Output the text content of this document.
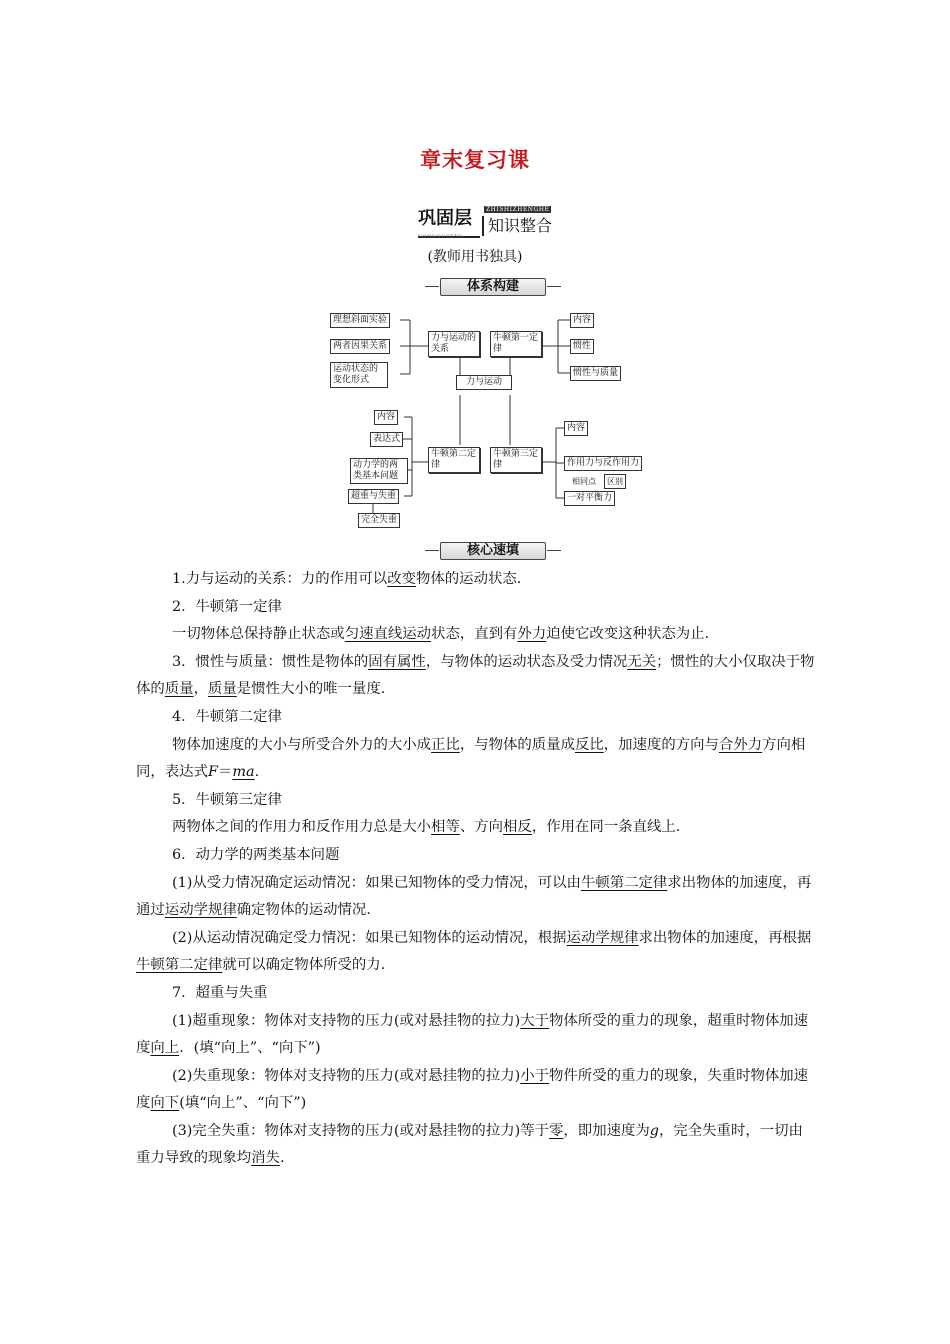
章末复习课
巩固层	ZHISHIZHENGHE
知识整合
GONGGUCENG
(教师用书独具)
体系构建
理想斜面实验
两者因果关系
运动状态的变化形式
力与运动的关系
牛顿第一定律
力与运动
内容
惯性
惯性与质量
牛顿第二定律
牛顿第三定律
内容
表达式
动力学的两类基本问题
超重与失重
完全失重
内容
作用力与反作用力
相同点	区别
一对平衡力
核心速填

1.力与运动的关系：力的作用可以改变物体的运动状态.

2．牛顿第一定律

一切物体总保持静止状态或匀速直线运动状态，直到有外力迫使它改变这种状态为止.

3．惯性与质量：惯性是物体的固有属性，与物体的运动状态及受力情况无关；惯性的大小仅取决于物体的质量，质量是惯性大小的唯一量度.

4．牛顿第二定律

物体加速度的大小与所受合外力的大小成正比，与物体的质量成反比，加速度的方向与合外力方向相同，表达式F＝ma.

5．牛顿第三定律

两物体之间的作用力和反作用力总是大小相等、方向相反，作用在同一条直线上.

6．动力学的两类基本问题

(1)从受力情况确定运动情况：如果已知物体的受力情况，可以由牛顿第二定律求出物体的加速度，再通过运动学规律确定物体的运动情况.

(2)从运动情况确定受力情况：如果已知物体的运动情况，根据运动学规律求出物体的加速度，再根据牛顿第二定律就可以确定物体所受的力.

7．超重与失重

(1)超重现象：物体对支持物的压力(或对悬挂物的拉力)大于物体所受的重力的现象，超重时物体加速度向上．(填“向上”、“向下”)

(2)失重现象：物体对支持物的压力(或对悬挂物的拉力)小于物件所受的重力的现象，失重时物体加速度向下(填“向上”、“向下”)

(3)完全失重：物体对支持物的压力(或对悬挂物的拉力)等于零，即加速度为g，完全失重时，一切由重力导致的现象均消失.
